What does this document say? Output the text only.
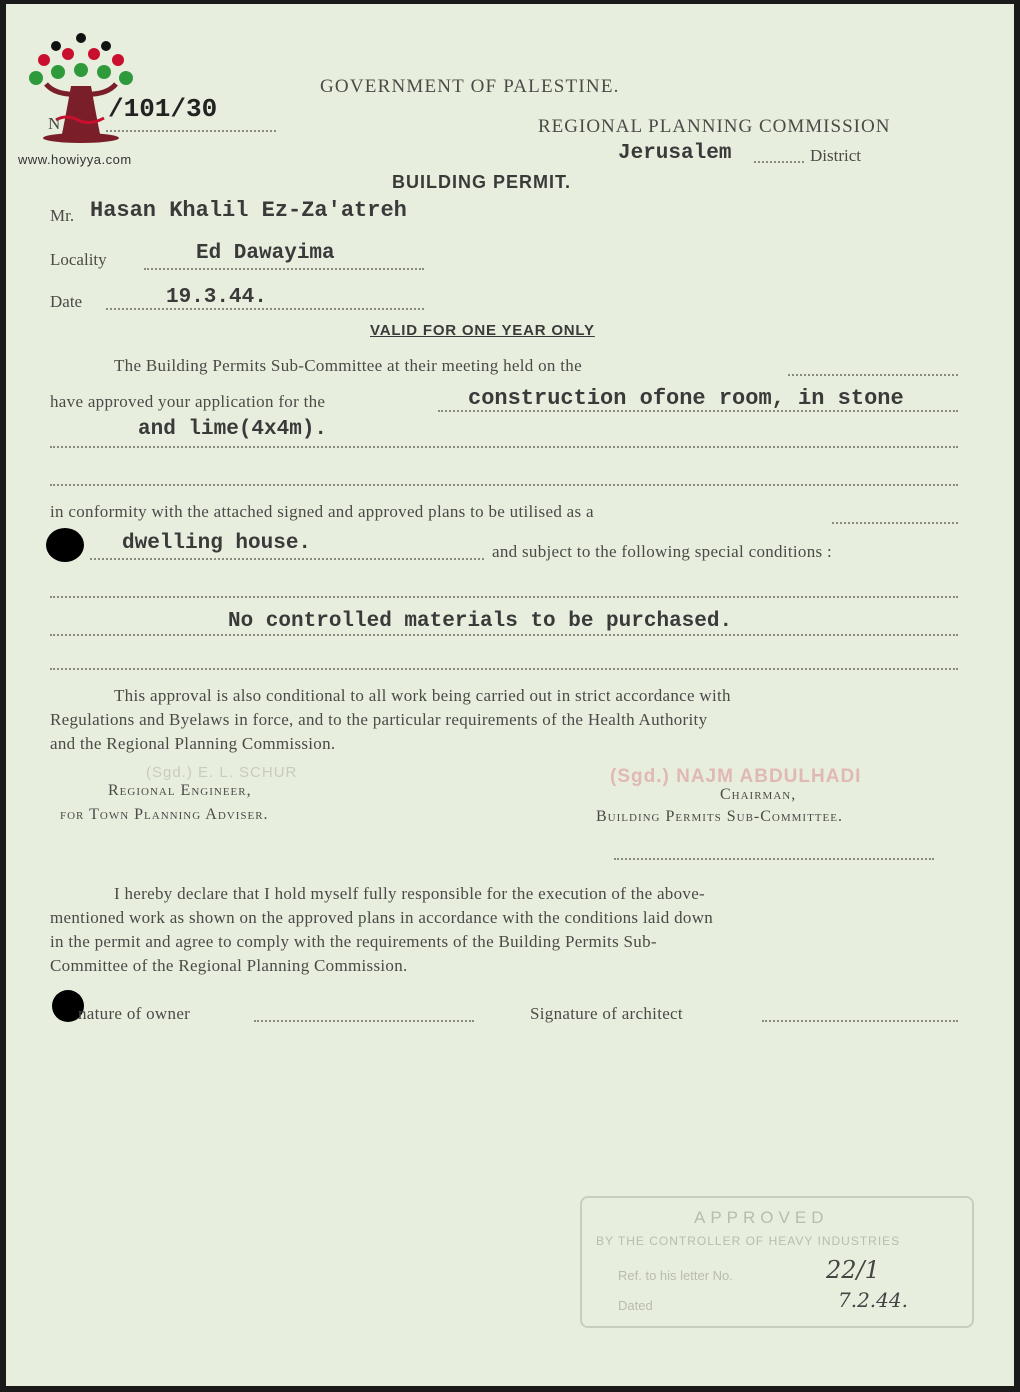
www.howiyya.com
GOVERNMENT OF PALESTINE.
N /101/30
REGIONAL PLANNING COMMISSION
Jerusalem	District
BUILDING PERMIT.
Mr. Hasan Khalil Ez-Za'atreh
Locality	Ed Dawayima
Date	19.3.44.
VALID FOR ONE YEAR ONLY
The Building Permits Sub-Committee at their meeting held on the
have approved your application for the	construction ofone room, in stone
and lime(4x4m).
in conformity with the attached signed and approved plans to be utilised as a
dwelling house.	and subject to the following special conditions :
No controlled materials to be purchased.
This approval is also conditional to all work being carried out in strict accordance with
Regulations and Byelaws in force, and to the particular requirements of the Health Authority
and the Regional Planning Commission.
(Sgd.) E. L. SCHUR
Regional Engineer,
for Town Planning Adviser.
(Sgd.) NAJM ABDULHADI
Chairman,
Building Permits Sub-Committee.
I hereby declare that I hold myself fully responsible for the execution of the above-
mentioned work as shown on the approved plans in accordance with the conditions laid down
in the permit and agree to comply with the requirements of the Building Permits Sub-
Committee of the Regional Planning Commission.
nature of owner	Signature of architect
APPROVED
BY THE CONTROLLER OF HEAVY INDUSTRIES
Ref. to his letter No.	22/1
Dated	7.2.44.
